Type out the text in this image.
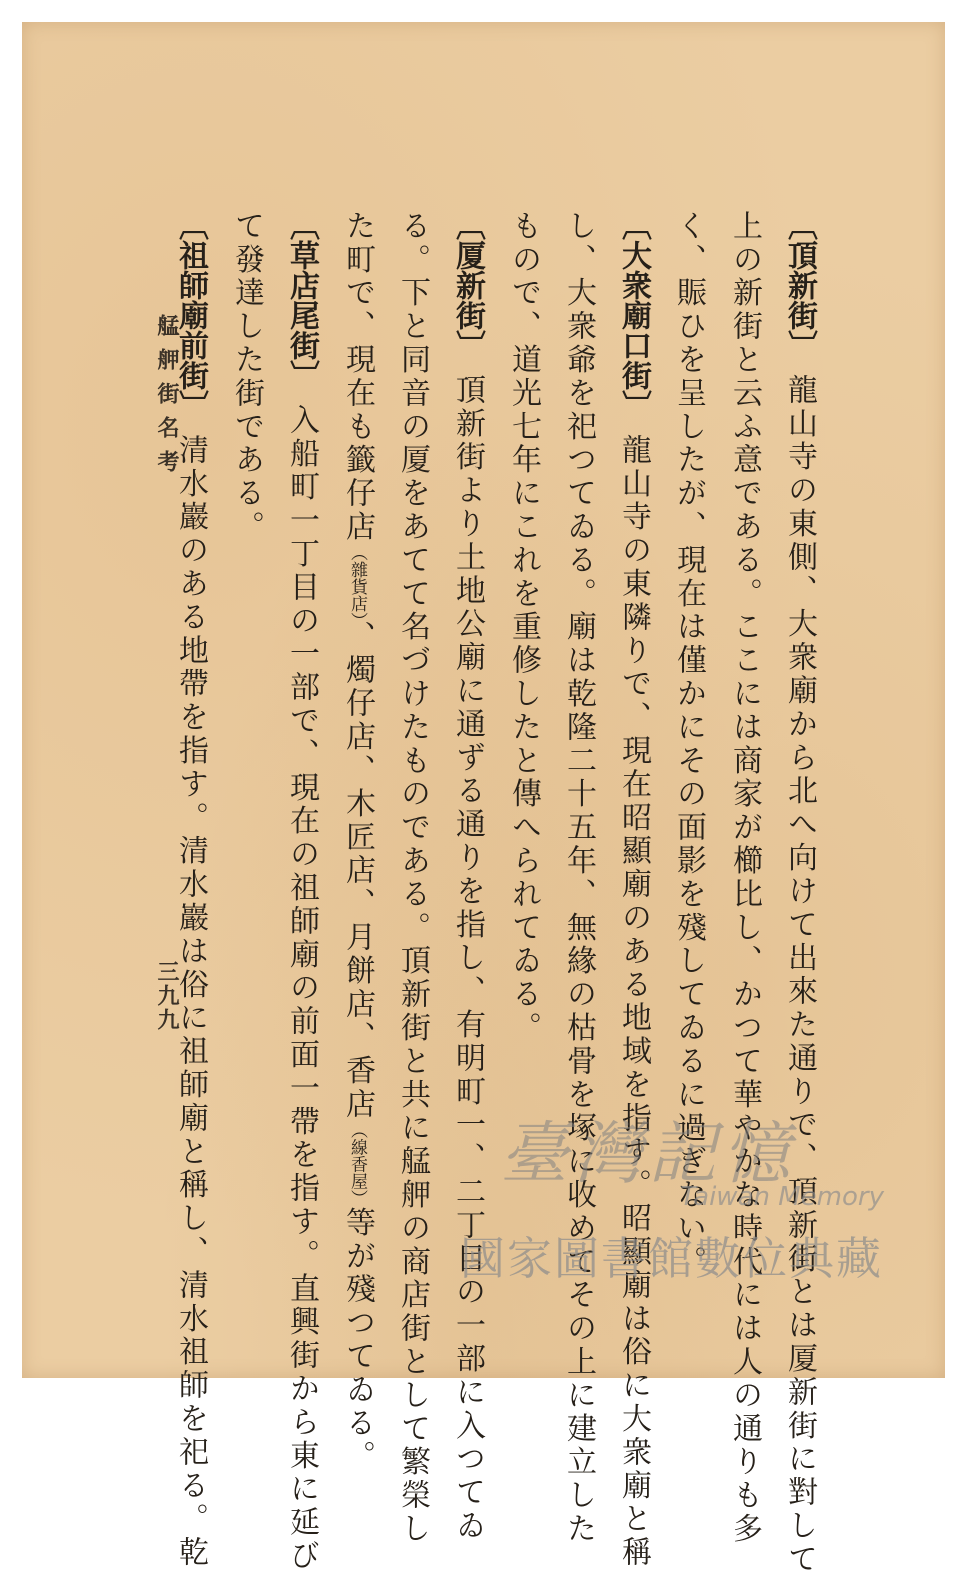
〔頂新街〕龍山寺の東側、大衆廟から北へ向けて出來た通りで、頂新街とは厦新街に對して
上の新街と云ふ意である。ここには商家が櫛比し、かつて華やかな時代には人の通りも多
く、賑ひを呈したが、現在は僅かにその面影を殘してゐるに過ぎない。
〔大衆廟口街〕龍山寺の東隣りで、現在昭顯廟のある地域を指す。昭顯廟は俗に大衆廟と稱
し、大衆爺を祀つてゐる。廟は乾隆二十五年、無緣の枯骨を塚に收めてその上に建立した
もので、道光七年にこれを重修したと傳へられてゐる。
〔厦新街〕頂新街より土地公廟に通ずる通りを指し、有明町一、二丁目の一部に入つてゐ
る。下と同音の厦をあてて名づけたものである。頂新街と共に艋舺の商店街として繁榮し
た町で、現在も籤仔店（雜貨店）、燭仔店、木匠店、月餅店、香店（線香屋）等が殘つてゐる。
〔草店尾街〕入船町一丁目の一部で、現在の祖師廟の前面一帶を指す。直興街から東に延び
て發達した街である。
〔祖師廟前街〕清水巖のある地帶を指す。清水巖は俗に祖師廟と稱し、清水祖師を祀る。乾
艋舺街名考
三九九
臺灣記憶
Taiwan Memory
國家圖書館數位典藏
